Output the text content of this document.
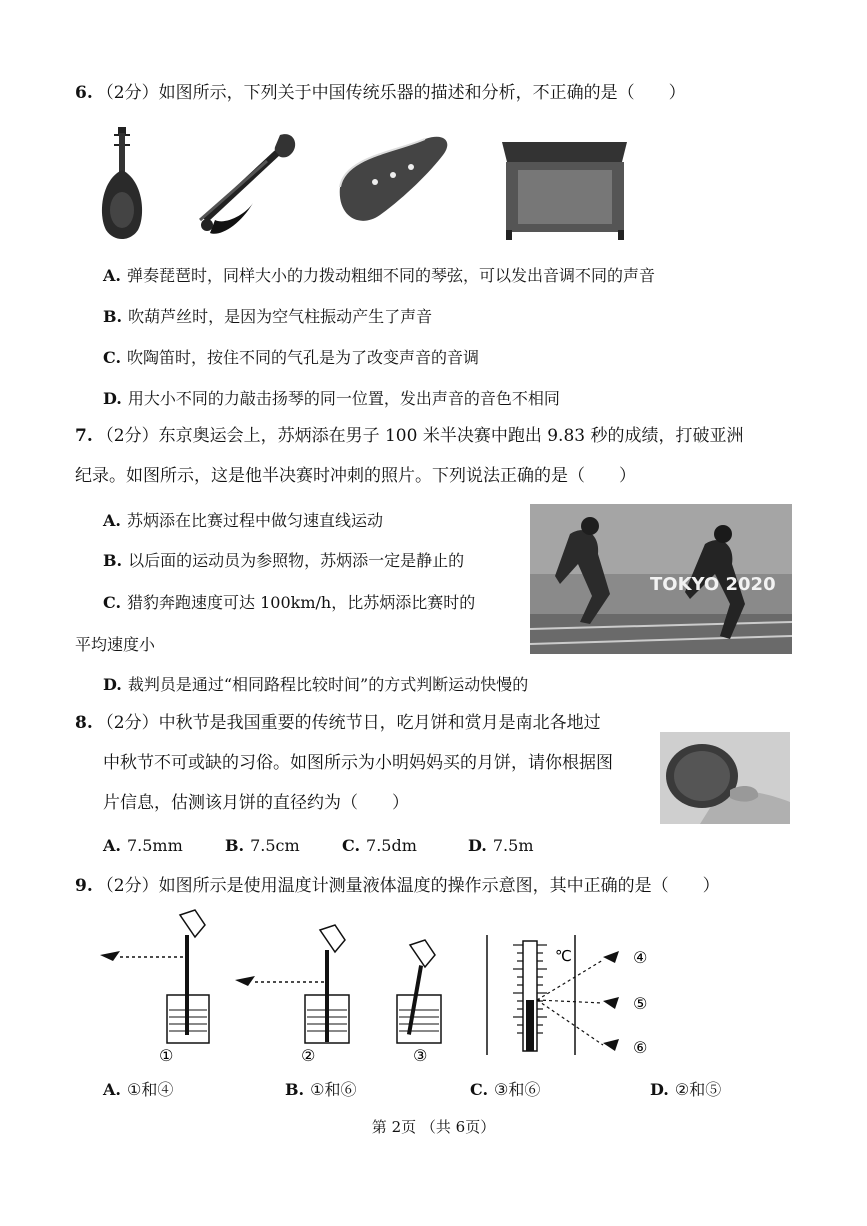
6. （2分）如图所示，下列关于中国传统乐器的描述和分析，不正确的是（　　）
A. 弹奏琵琶时，同样大小的力拨动粗细不同的琴弦，可以发出音调不同的声音
B. 吹葫芦丝时，是因为空气柱振动产生了声音
C. 吹陶笛时，按住不同的气孔是为了改变声音的音调
D. 用大小不同的力敲击扬琴的同一位置，发出声音的音色不相同
7. （2分）东京奥运会上，苏炳添在男子 100 米半决赛中跑出 9.83 秒的成绩，打破亚洲
纪录。如图所示，这是他半决赛时冲刺的照片。下列说法正确的是（　　）
A. 苏炳添在比赛过程中做匀速直线运动
B. 以后面的运动员为参照物，苏炳添一定是静止的
C. 猎豹奔跑速度可达 100km/h，比苏炳添比赛时的
平均速度小
D. 裁判员是通过“相同路程比较时间”的方式判断运动快慢的
TOKYO 2020
8. （2分）中秋节是我国重要的传统节日，吃月饼和赏月是南北各地过
中秋节不可或缺的习俗。如图所示为小明妈妈买的月饼，请你根据图
片信息，估测该月饼的直径约为（　　）
A. 7.5mm	B. 7.5cm	C. 7.5dm	D. 7.5m
9. （2分）如图所示是使用温度计测量液体温度的操作示意图，其中正确的是（　　）
①	②	③
℃	④
⑤
⑥
A. ①和④	B. ①和⑥	C. ③和⑥	D. ②和⑤
第 2页 （共 6页）
